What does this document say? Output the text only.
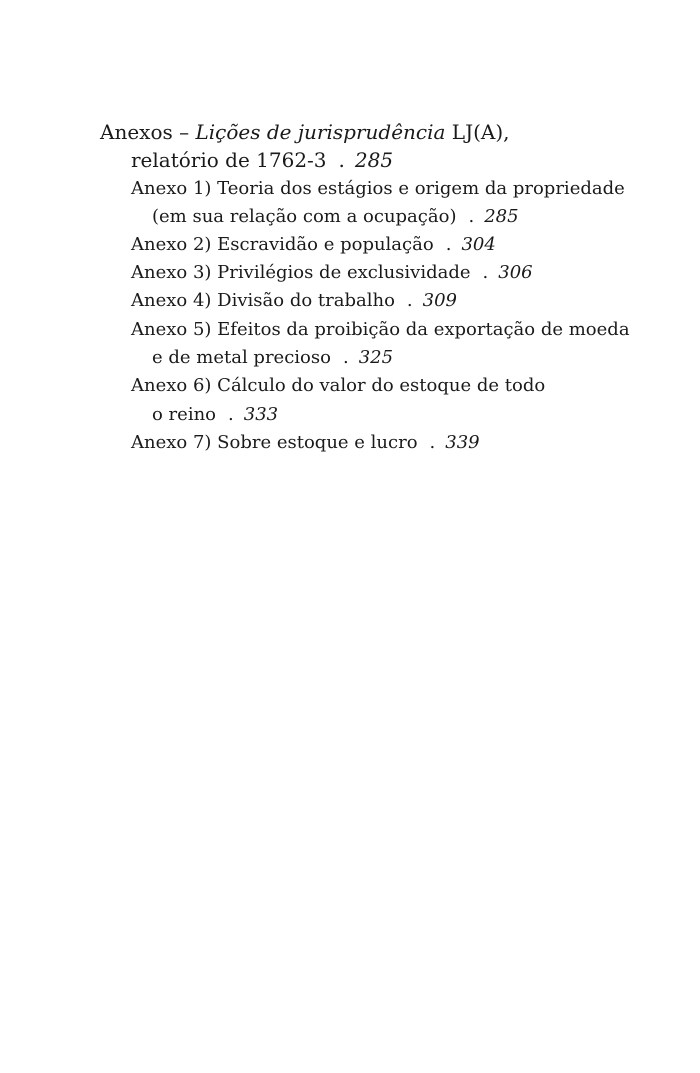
Anexos – Lições de jurisprudência LJ(A),
relatório de 1762-3 . 285
Anexo 1) Teoria dos estágios e origem da propriedade
(em sua relação com a ocupação) . 285
Anexo 2) Escravidão e população . 304
Anexo 3) Privilégios de exclusividade . 306
Anexo 4) Divisão do trabalho . 309
Anexo 5) Efeitos da proibição da exportação de moeda
e de metal precioso . 325
Anexo 6) Cálculo do valor do estoque de todo
o reino . 333
Anexo 7) Sobre estoque e lucro . 339
